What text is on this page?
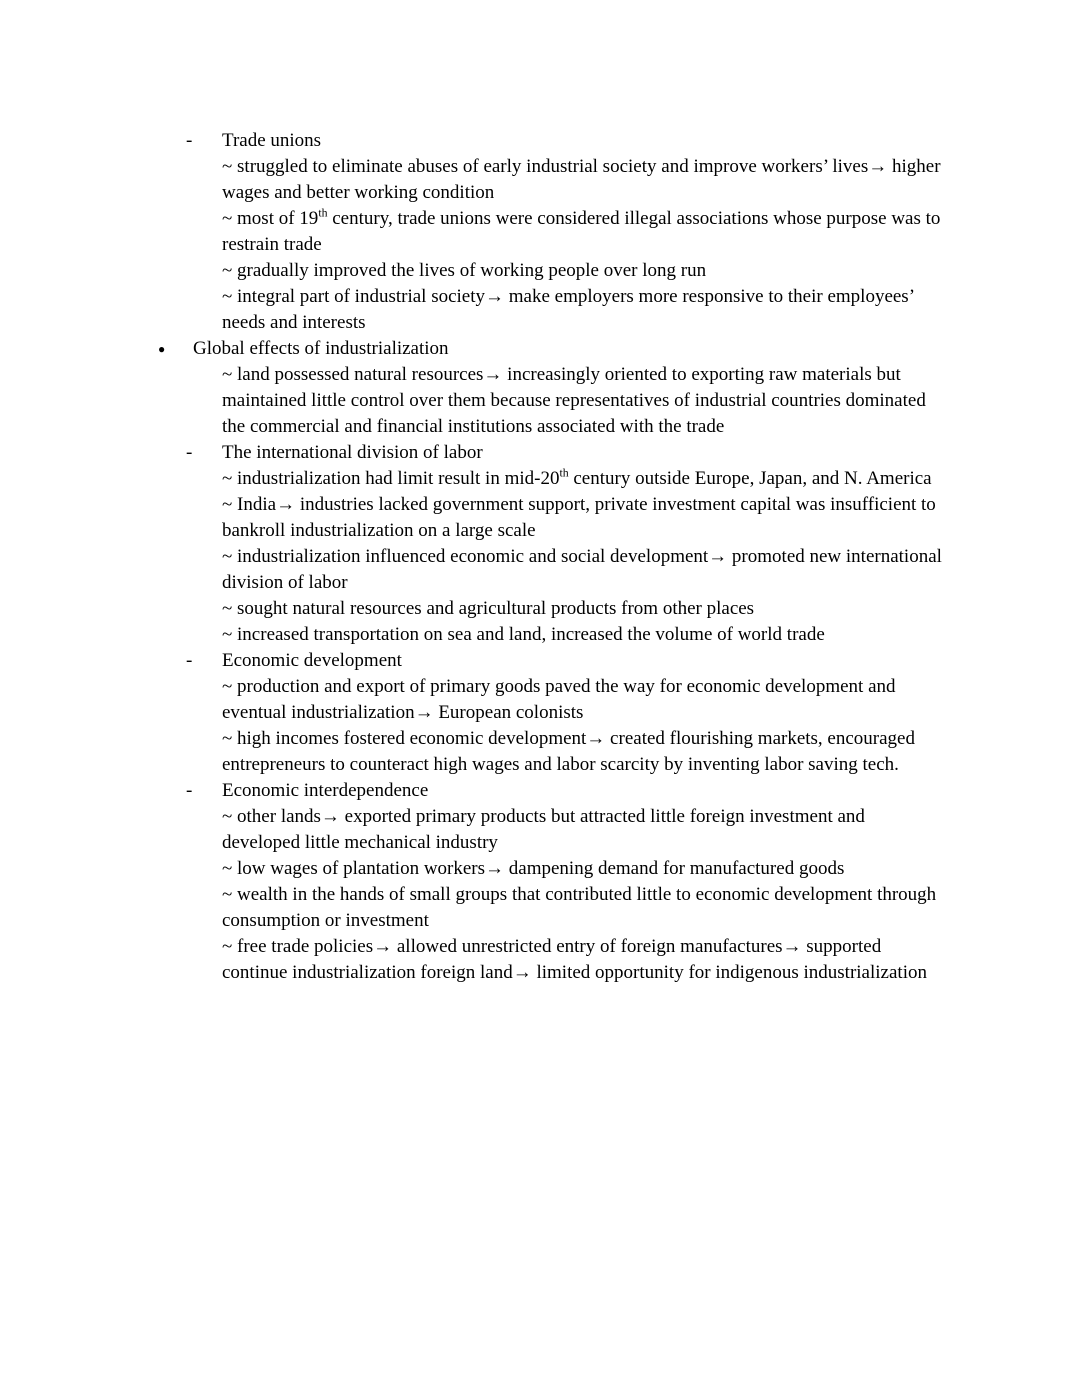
-	Trade unions

~ struggled to eliminate abuses of early industrial society and improve workers’ lives→ higher wages and better working condition

~ most of 19th century, trade unions were considered illegal associations whose purpose was to restrain trade

~ gradually improved the lives of working people over long run

~ integral part of industrial society→ make employers more responsive to their employees’ needs and interests

●	Global effects of industrialization

~ land possessed natural resources→ increasingly oriented to exporting raw materials but maintained little control over them because representatives of industrial countries dominated the commercial and financial institutions associated with the trade

-	The international division of labor

~ industrialization had limit result in mid-20th century outside Europe, Japan, and N. America

~ India→ industries lacked government support, private investment capital was insufficient to bankroll industrialization on a large scale

~ industrialization influenced economic and social development→ promoted new international division of labor

~ sought natural resources and agricultural products from other places

~ increased transportation on sea and land, increased the volume of world trade

-	Economic development

~ production and export of primary goods paved the way for economic development and eventual industrialization→ European colonists

~ high incomes fostered economic development→ created flourishing markets, encouraged entrepreneurs to counteract high wages and labor scarcity by inventing labor saving tech.

-	Economic interdependence

~ other lands→ exported primary products but attracted little foreign investment and developed little mechanical industry

~ low wages of plantation workers→ dampening demand for manufactured goods

~ wealth in the hands of small groups that contributed little to economic development through consumption or investment

~ free trade policies→ allowed unrestricted entry of foreign manufactures→ supported continue industrialization foreign land→ limited opportunity for indigenous industrialization
